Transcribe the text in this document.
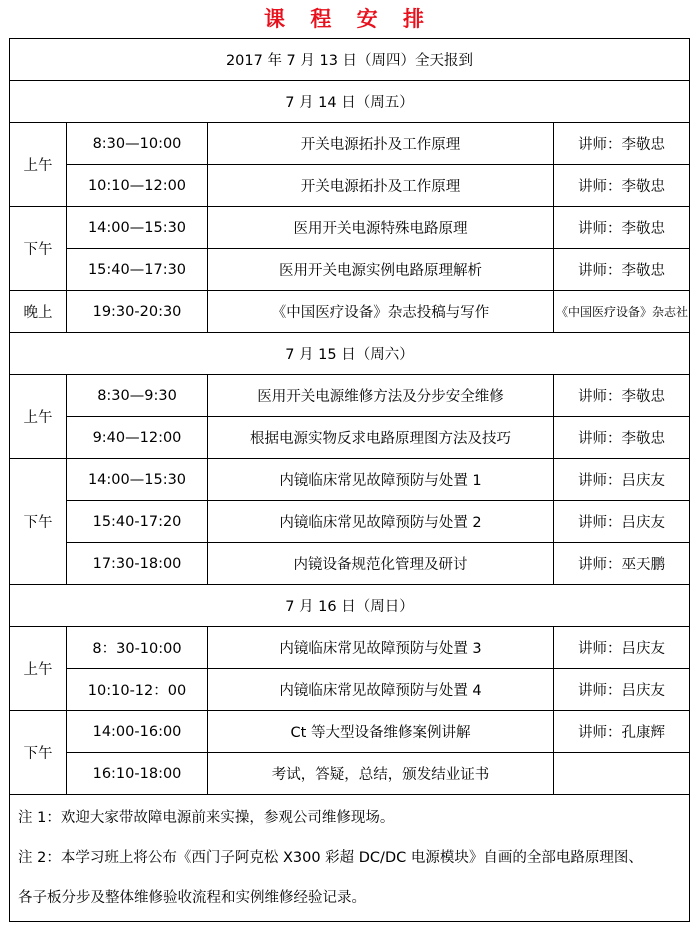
课 程 安 排
2017 年 7 月 13 日（周四）全天报到			
7 月 14 日（周五）			
上午	8:30—10:00	开关电源拓扑及工作原理	讲师：李敬忠
	10:10—12:00	开关电源拓扑及工作原理	讲师：李敬忠
下午	14:00—15:30	医用开关电源特殊电路原理	讲师：李敬忠
	15:40—17:30	医用开关电源实例电路原理解析	讲师：李敬忠
晚上	19:30-20:30	《中国医疗设备》杂志投稿与写作	《中国医疗设备》杂志社
7 月 15 日（周六）			
上午	8:30—9:30	医用开关电源维修方法及分步安全维修	讲师：李敬忠
	9:40—12:00	根据电源实物反求电路原理图方法及技巧	讲师：李敬忠
下午	14:00—15:30	内镜临床常见故障预防与处置 1	讲师：吕庆友
	15:40-17:20	内镜临床常见故障预防与处置 2	讲师：吕庆友
	17:30-18:00	内镜设备规范化管理及研讨	讲师：巫天鹏
7 月 16 日（周日）			
上午	8：30-10:00	内镜临床常见故障预防与处置 3	讲师：吕庆友
	10:10-12：00	内镜临床常见故障预防与处置 4	讲师：吕庆友
下午	14:00-16:00	Ct 等大型设备维修案例讲解	讲师：孔康辉
	16:10-18:00	考试，答疑，总结，颁发结业证书	

注 1：欢迎大家带故障电源前来实操，参观公司维修现场。
注 2：本学习班上将公布《西门子阿克松 X300 彩超 DC/DC 电源模块》自画的全部电路原理图、
各子板分步及整体维修验收流程和实例维修经验记录。			
